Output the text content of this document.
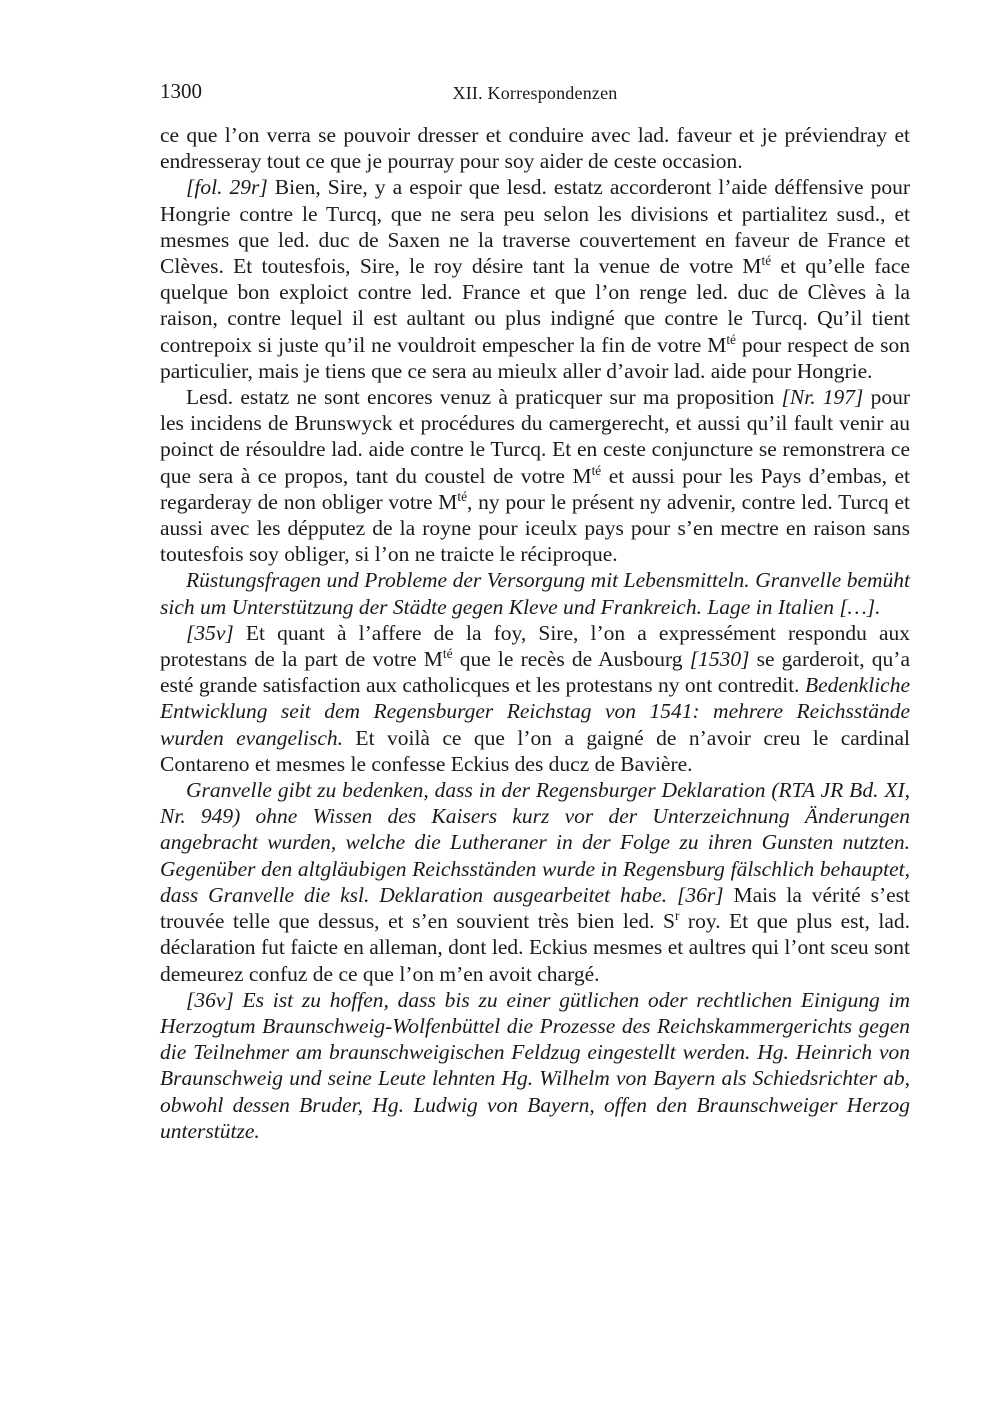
1300	XII. Korrespondenzen

ce que l’on verra se pouvoir dresser et conduire avec lad. faveur et je préviendray et endresseray tout ce que je pourray pour soy aider de ceste occasion.

[fol. 29r] Bien, Sire, y a espoir que lesd. estatz accorderont l’aide déffensive pour Hongrie contre le Turcq, que ne sera peu selon les divisions et partialitez susd., et mesmes que led. duc de Saxen ne la traverse couvertement en faveur de France et Clèves. Et toutesfois, Sire, le roy désire tant la venue de votre $M^{té}$ et qu’elle face quelque bon exploict contre led. France et que l’on renge led. duc de Clèves à la raison, contre lequel il est aultant ou plus indigné que contre le Turcq. Qu’il tient contrepoix si juste qu’il ne vouldroit empescher la fin de votre $M^{té}$ pour respect de son particulier, mais je tiens que ce sera au mieulx aller d’avoir lad. aide pour Hongrie.

Lesd. estatz ne sont encores venuz à praticquer sur ma proposition [Nr. 197] pour les incidens de Brunswyck et procédures du camergerecht, et aussi qu’il fault venir au poinct de résouldre lad. aide contre le Turcq. Et en ceste conjuncture se remonstrera ce que sera à ce propos, tant du coustel de votre $M^{té}$ et aussi pour les Pays d’embas, et regarderay de non obliger votre $M^{té}$, ny pour le présent ny advenir, contre led. Turcq et aussi avec les dépputez de la royne pour iceulx pays pour s’en mectre en raison sans toutesfois soy obliger, si l’on ne traicte le réciproque.

Rüstungsfragen und Probleme der Versorgung mit Lebensmitteln. Granvelle bemüht sich um Unterstützung der Städte gegen Kleve und Frankreich. Lage in Italien […].

[35v] Et quant à l’affere de la foy, Sire, l’on a expressément respondu aux protestans de la part de votre $M^{té}$ que le recès de Ausbourg [1530] se garderoit, qu’a esté grande satisfaction aux catholicques et les protestans ny ont contredit. Bedenkliche Entwicklung seit dem Regensburger Reichstag von 1541: mehrere Reichsstände wurden evangelisch. Et voilà ce que l’on a gaigné de n’avoir creu le cardinal Contareno et mesmes le confesse Eckius des ducz de Bavière.

Granvelle gibt zu bedenken, dass in der Regensburger Deklaration (RTA JR Bd. XI, Nr. 949) ohne Wissen des Kaisers kurz vor der Unterzeichnung Änderungen angebracht wurden, welche die Lutheraner in der Folge zu ihren Gunsten nutzten. Gegenüber den altgläubigen Reichsständen wurde in Regensburg fälschlich behauptet, dass Granvelle die ksl. Deklaration ausgearbeitet habe. [36r] Mais la vérité s’est trouvée telle que dessus, et s’en souvient très bien led. $S^r$ roy. Et que plus est, lad. déclaration fut faicte en alleman, dont led. Eckius mesmes et aultres qui l’ont sceu sont demeurez confuz de ce que l’on m’en avoit chargé.

[36v] Es ist zu hoffen, dass bis zu einer gütlichen oder rechtlichen Einigung im Herzogtum Braunschweig-Wolfenbüttel die Prozesse des Reichskammergerichts gegen die Teilnehmer am braunschweigischen Feldzug eingestellt werden. Hg. Heinrich von Braunschweig und seine Leute lehnten Hg. Wilhelm von Bayern als Schiedsrichter ab, obwohl dessen Bruder, Hg. Ludwig von Bayern, offen den Braunschweiger Herzog unterstütze.
